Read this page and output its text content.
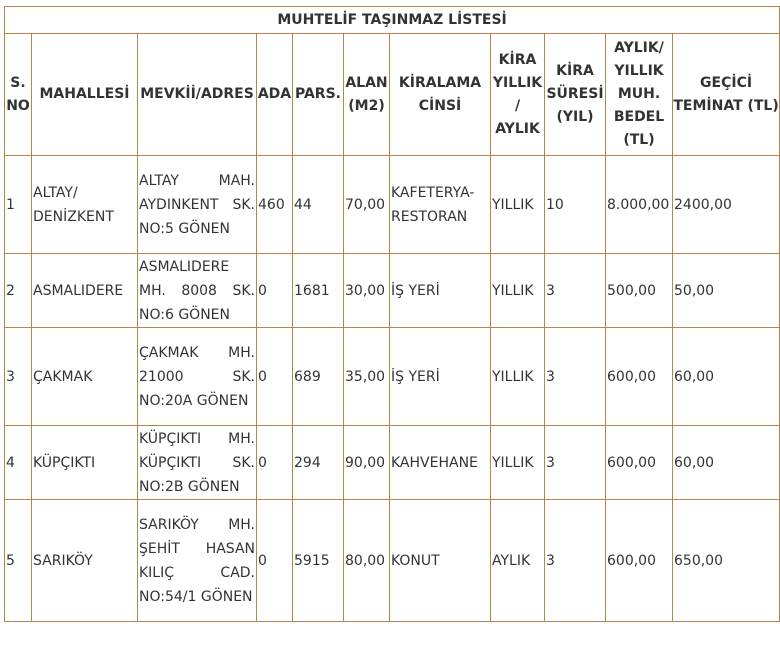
MUHTELİF TAŞINMAZ LİSTESİ										
S. NO	MAHALLESİ	MEVKİİ/ADRES	ADA	PARS.	ALAN (M2)	KİRALAMA CİNSİ	KİRA YILLIK / AYLIK	KİRA SÜRESİ (YIL)	AYLIK/ YILLIK MUH. BEDEL (TL)	GEÇİCİ TEMİNAT (TL)
1	ALTAY/ DENİZKENT	ALTAY MAH. AYDINKENT SK. NO:5 GÖNEN	460	44	70,00	KAFETERYA-RESTORAN	YILLIK	10	8.000,00	2400,00
2	ASMALIDERE	ASMALIDERE MH. 8008 SK. NO:6 GÖNEN	0	1681	30,00	İŞ YERİ	YILLIK	3	500,00	50,00
3	ÇAKMAK	ÇAKMAK MH. 21000 SK. NO:20A GÖNEN	0	689	35,00	İŞ YERİ	YILLIK	3	600,00	60,00
4	KÜPÇIKTI	KÜPÇIKTI MH. KÜPÇIKTI SK. NO:2B GÖNEN	0	294	90,00	KAHVEHANE	YILLIK	3	600,00	60,00
5	SARIKÖY	SARIKÖY MH. ŞEHİT HASAN KILIÇ CAD. NO:54/1 GÖNEN	0	5915	80,00	KONUT	AYLIK	3	600,00	650,00
